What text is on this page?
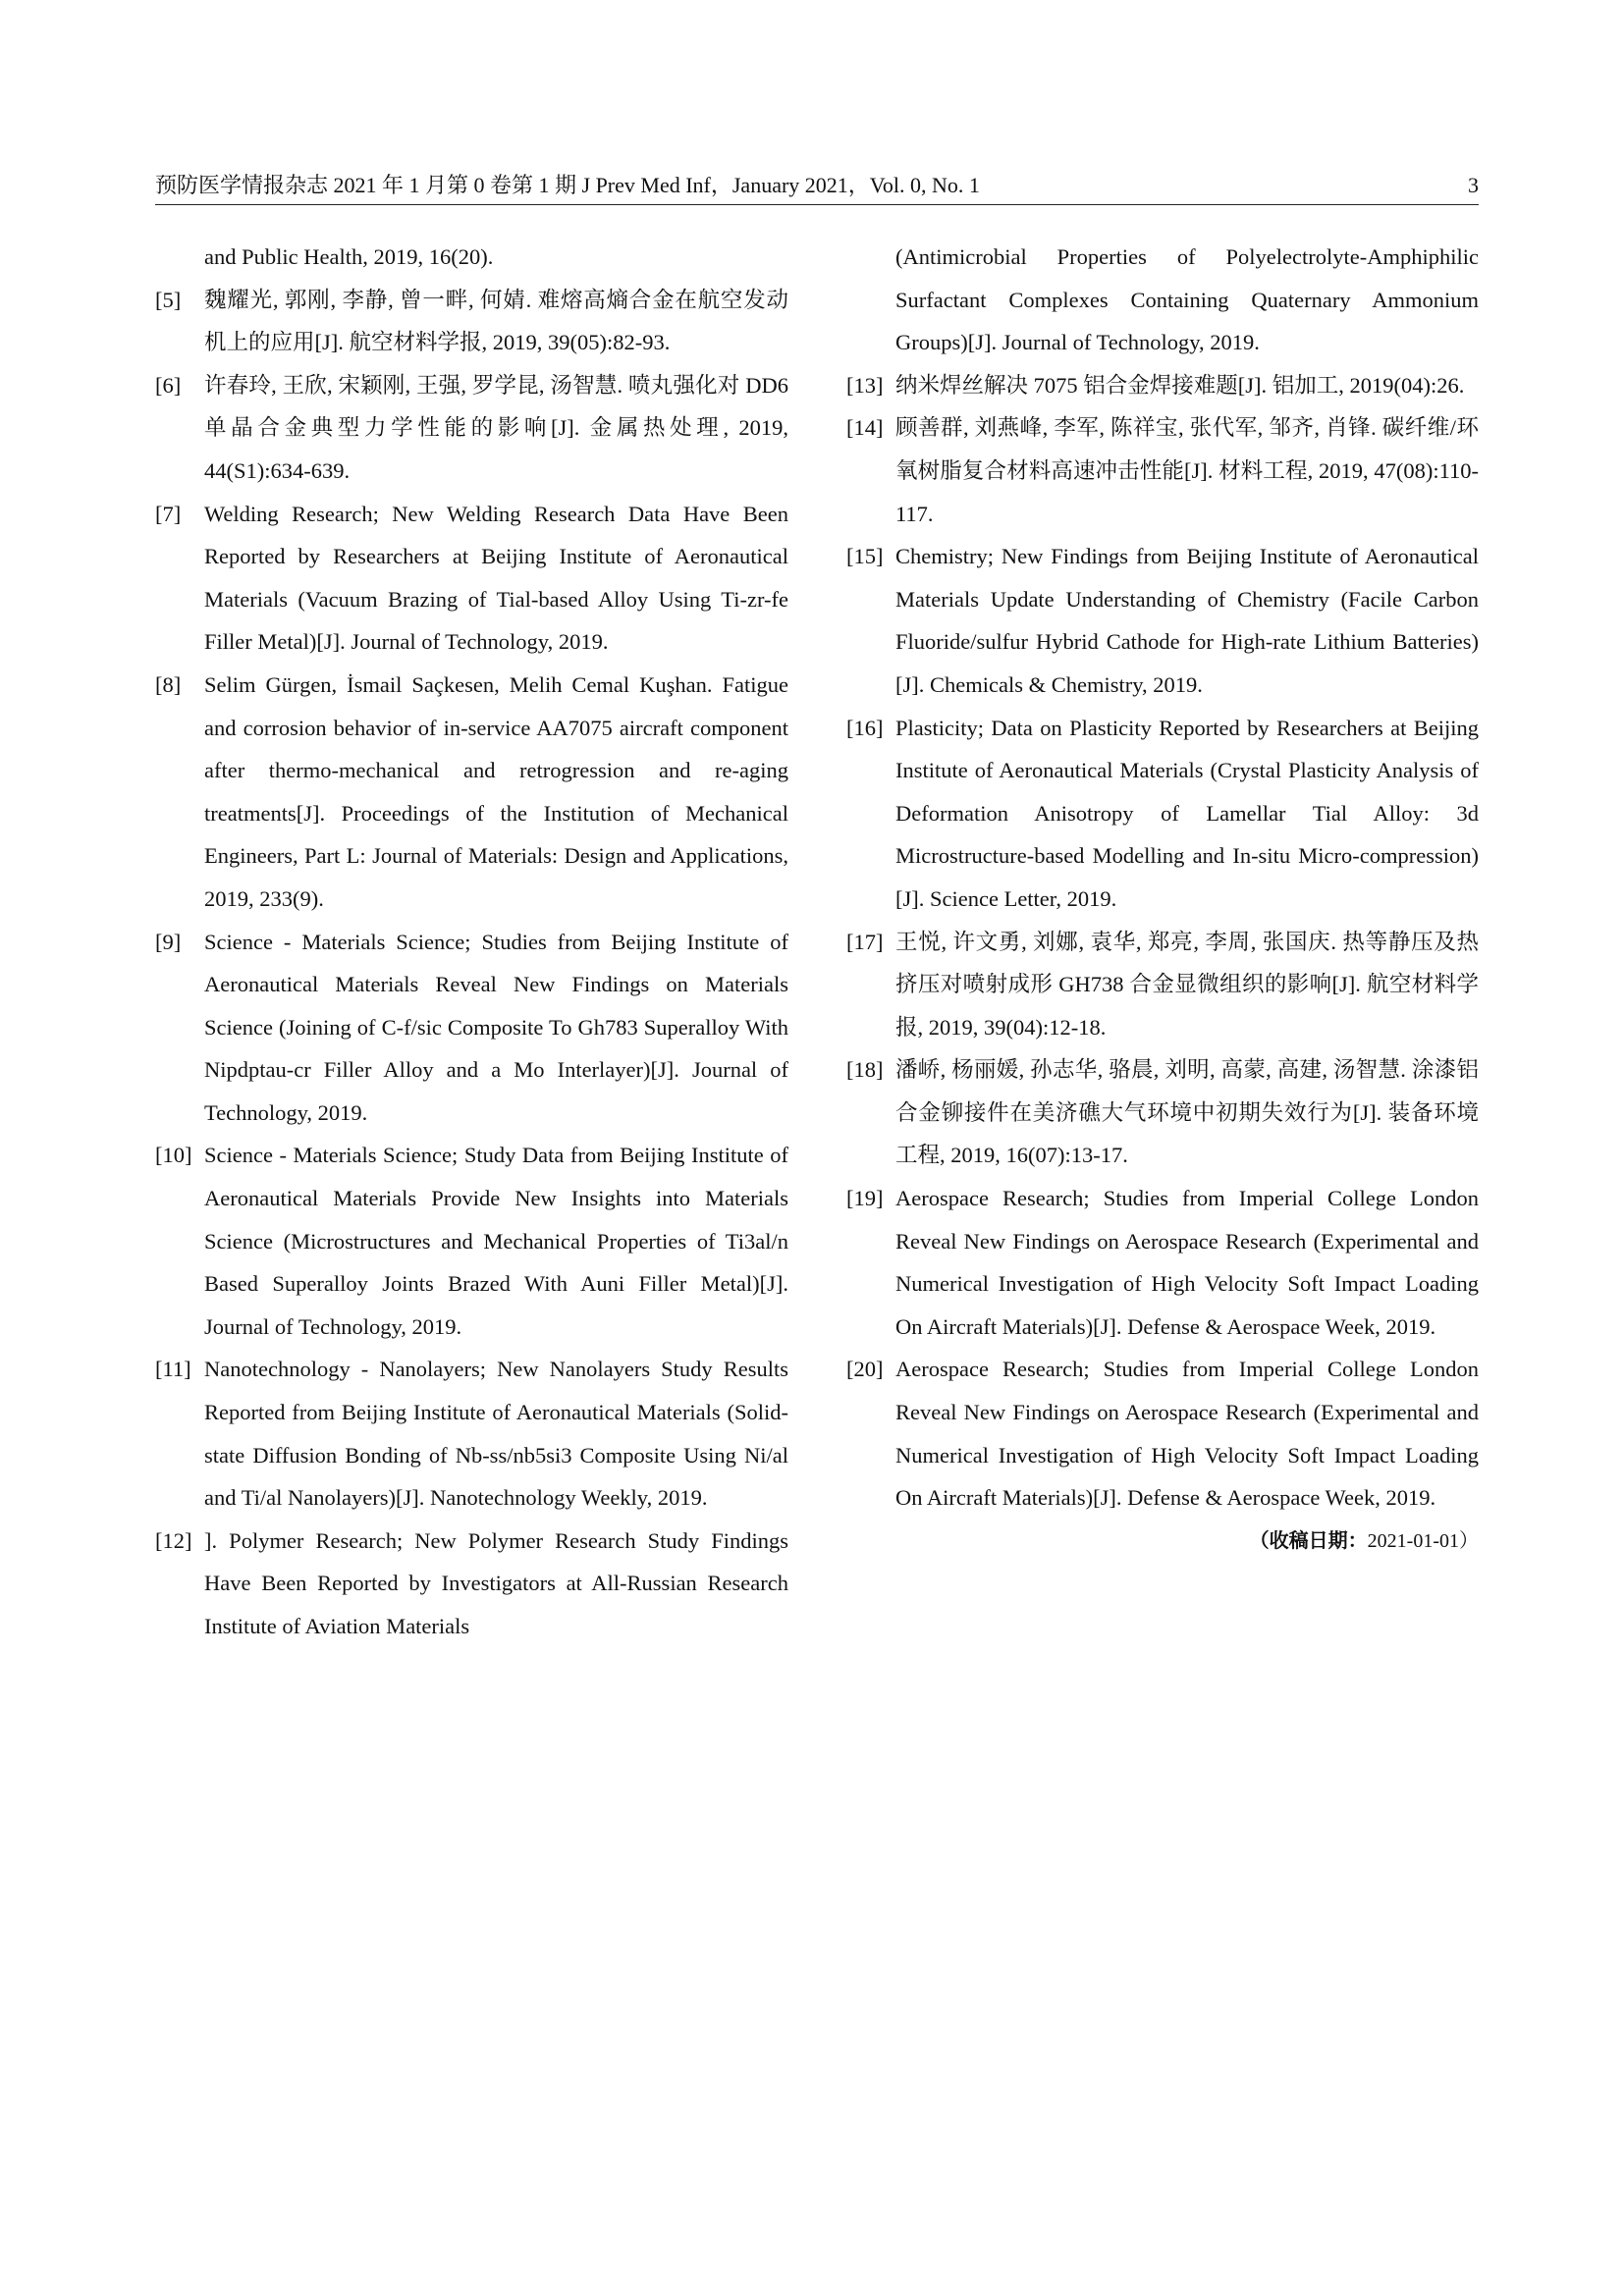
预防医学情报杂志 2021 年 1 月第 0 卷第 1 期 J Prev Med Inf，January 2021，Vol. 0, No. 1	3

and Public Health, 2019, 16(20).

[5] 魏耀光, 郭刚, 李静, 曾一畔, 何婧. 难熔高熵合金在航空发动机上的应用[J]. 航空材料学报, 2019, 39(05):82-93.

[6] 许春玲, 王欣, 宋颖刚, 王强, 罗学昆, 汤智慧. 喷丸强化对 DD6 单晶合金典型力学性能的影响[J]. 金属热处理, 2019, 44(S1):634-639.

[7] Welding Research; New Welding Research Data Have Been Reported by Researchers at Beijing Institute of Aeronautical Materials (Vacuum Brazing of Tial-based Alloy Using Ti-zr-fe Filler Metal)[J]. Journal of Technology, 2019.

[8] Selim Gürgen, İsmail Saçkesen, Melih Cemal Kuşhan. Fatigue and corrosion behavior of in-service AA7075 aircraft component after thermo-mechanical and retrogression and re-aging treatments[J]. Proceedings of the Institution of Mechanical Engineers, Part L: Journal of Materials: Design and Applications, 2019, 233(9).

[9] Science - Materials Science; Studies from Beijing Institute of Aeronautical Materials Reveal New Findings on Materials Science (Joining of C-f/sic Composite To Gh783 Superalloy With Nipdptau-cr Filler Alloy and a Mo Interlayer)[J]. Journal of Technology, 2019.

[10] Science - Materials Science; Study Data from Beijing Institute of Aeronautical Materials Provide New Insights into Materials Science (Microstructures and Mechanical Properties of Ti3al/n Based Superalloy Joints Brazed With Auni Filler Metal)[J]. Journal of Technology, 2019.

[11] Nanotechnology - Nanolayers; New Nanolayers Study Results Reported from Beijing Institute of Aeronautical Materials (Solid-state Diffusion Bonding of Nb-ss/nb5si3 Composite Using Ni/al and Ti/al Nanolayers)[J]. Nanotechnology Weekly, 2019.

[12] ]. Polymer Research; New Polymer Research Study Findings Have Been Reported by Investigators at All-Russian Research Institute of Aviation Materials

(Antimicrobial Properties of Polyelectrolyte-Amphiphilic Surfactant Complexes Containing Quaternary Ammonium Groups)[J]. Journal of Technology, 2019.

[13] 纳米焊丝解决 7075 铝合金焊接难题[J]. 铝加工, 2019(04):26.

[14] 顾善群, 刘燕峰, 李军, 陈祥宝, 张代军, 邹齐, 肖锋. 碳纤维/环氧树脂复合材料高速冲击性能[J]. 材料工程, 2019, 47(08):110-117.

[15] Chemistry; New Findings from Beijing Institute of Aeronautical Materials Update Understanding of Chemistry (Facile Carbon Fluoride/sulfur Hybrid Cathode for High-rate Lithium Batteries)[J]. Chemicals & Chemistry, 2019.

[16] Plasticity; Data on Plasticity Reported by Researchers at Beijing Institute of Aeronautical Materials (Crystal Plasticity Analysis of Deformation Anisotropy of Lamellar Tial Alloy: 3d Microstructure-based Modelling and In-situ Micro-compression)[J]. Science Letter, 2019.

[17] 王悦, 许文勇, 刘娜, 袁华, 郑亮, 李周, 张国庆. 热等静压及热挤压对喷射成形 GH738 合金显微组织的影响[J]. 航空材料学报, 2019, 39(04):12-18.

[18] 潘峤, 杨丽媛, 孙志华, 骆晨, 刘明, 高蒙, 高建, 汤智慧. 涂漆铝合金铆接件在美济礁大气环境中初期失效行为[J]. 装备环境工程, 2019, 16(07):13-17.

[19] Aerospace Research; Studies from Imperial College London Reveal New Findings on Aerospace Research (Experimental and Numerical Investigation of High Velocity Soft Impact Loading On Aircraft Materials)[J]. Defense & Aerospace Week, 2019.

[20] Aerospace Research; Studies from Imperial College London Reveal New Findings on Aerospace Research (Experimental and Numerical Investigation of High Velocity Soft Impact Loading On Aircraft Materials)[J]. Defense & Aerospace Week, 2019.

（收稿日期：2021-01-01）
